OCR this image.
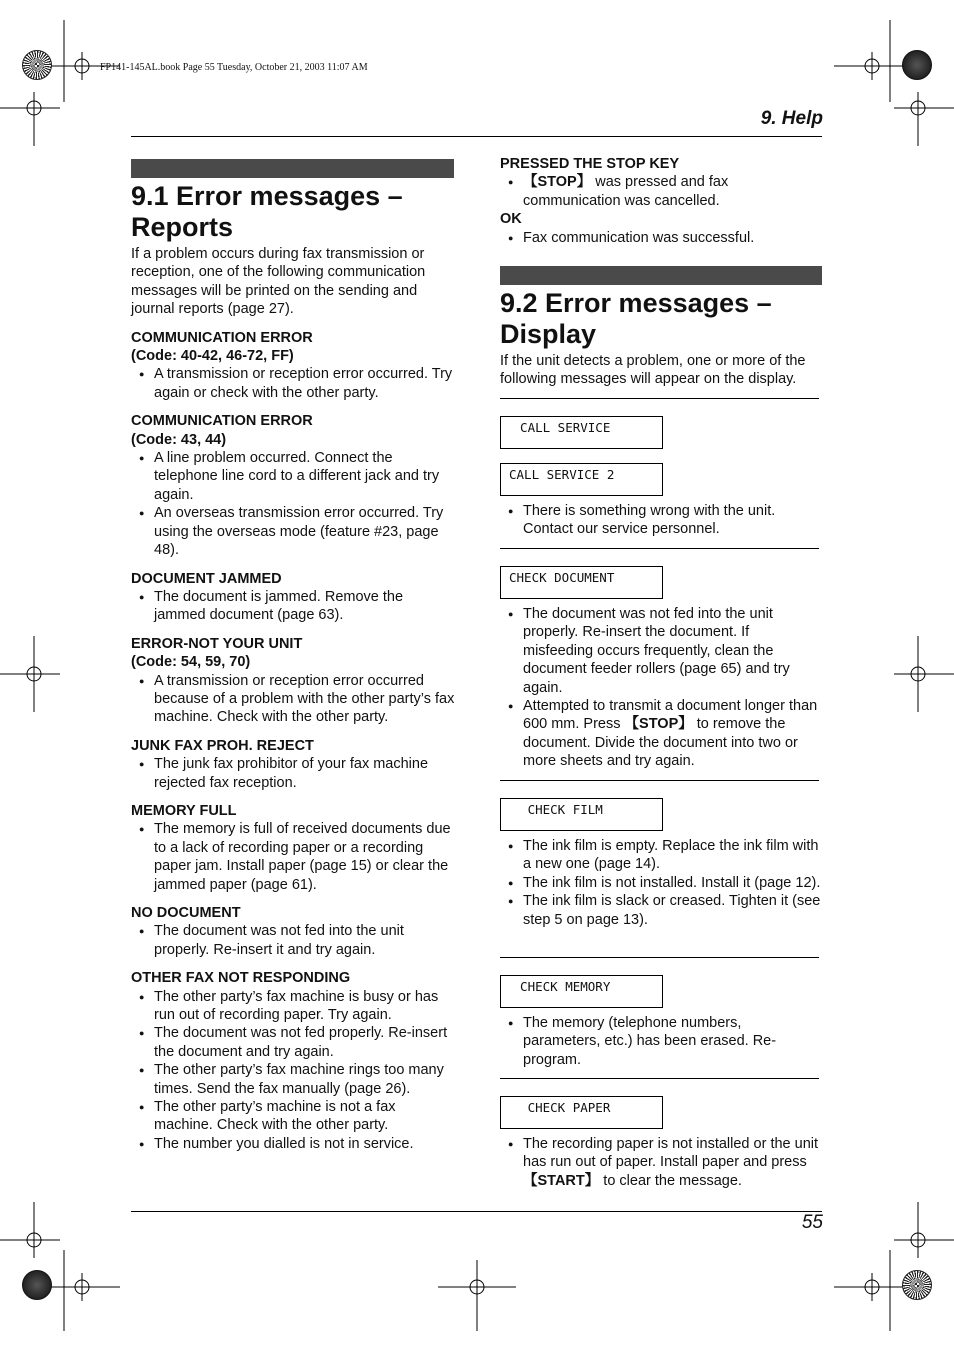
FP141-145AL.book Page 55 Tuesday, October 21, 2003 11:07 AM
9. Help
9.1 Error messages – Reports

If a problem occurs during fax transmission or reception, one of the following communication messages will be printed on the sending and journal reports (page 27).

COMMUNICATION ERROR

(Code: 40-42, 46-72, FF)

● A transmission or reception error occurred. Try again or check with the other party.

COMMUNICATION ERROR

(Code: 43, 44)

● A line problem occurred. Connect the telephone line cord to a different jack and try again.
● An overseas transmission error occurred. Try using the overseas mode (feature #23, page 48).

DOCUMENT JAMMED

● The document is jammed. Remove the jammed document (page 63).

ERROR-NOT YOUR UNIT

(Code: 54, 59, 70)

● A transmission or reception error occurred because of a problem with the other party’s fax machine. Check with the other party.

JUNK FAX PROH. REJECT

● The junk fax prohibitor of your fax machine rejected fax reception.

MEMORY FULL

● The memory is full of received documents due to a lack of recording paper or a recording paper jam. Install paper (page 15) or clear the jammed paper (page 61).

NO DOCUMENT

● The document was not fed into the unit properly. Re-insert it and try again.

OTHER FAX NOT RESPONDING

● The other party’s fax machine is busy or has run out of recording paper. Try again.
● The document was not fed properly. Re-insert the document and try again.
● The other party’s fax machine rings too many times. Send the fax manually (page 26).
● The other party’s machine is not a fax machine. Check with the other party.
● The number you dialled is not in service.

PRESSED THE STOP KEY

● 【STOP】 was pressed and fax communication was cancelled.

OK

● Fax communication was successful.
9.2 Error messages – Display

If the unit detects a problem, one or more of the following messages will appear on the display.

CALL SERVICE
CALL SERVICE 2
● There is something wrong with the unit. Contact our service personnel.
CHECK DOCUMENT
● The document was not fed into the unit properly. Re-insert the document. If misfeeding occurs frequently, clean the document feeder rollers (page 65) and try again.
● Attempted to transmit a document longer than 600 mm. Press 【STOP】 to remove the document. Divide the document into two or more sheets and try again.
CHECK FILM
● The ink film is empty. Replace the ink film with a new one (page 14).
● The ink film is not installed. Install it (page 12).
● The ink film is slack or creased. Tighten it (see step 5 on page 13).
CHECK MEMORY
● The memory (telephone numbers, parameters, etc.) has been erased. Re-program.
CHECK PAPER
● The recording paper is not installed or the unit has run out of paper. Install paper and press 【START】 to clear the message.
55
